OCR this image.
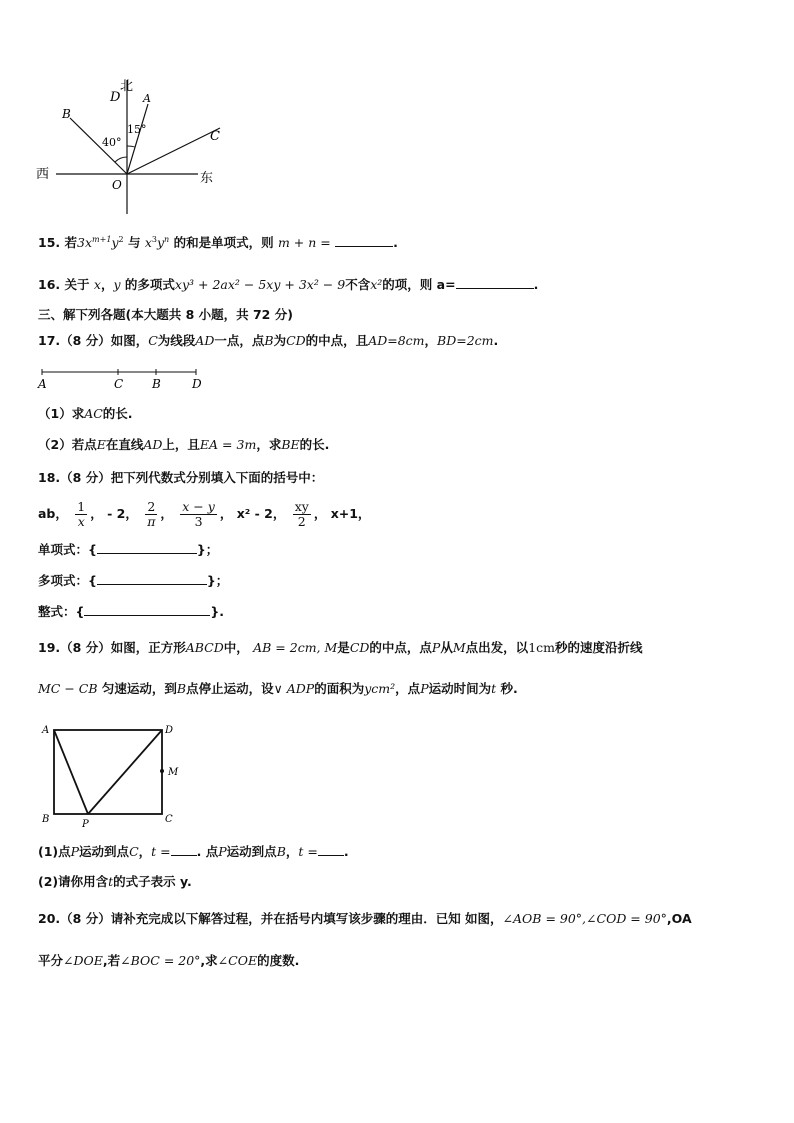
北
D A
B
C
15°
40°
西	东
O
15. 若$3x^{m+1}y^2$ 与 $x^3y^n$ 的和是单项式，则 m + n =	.
16. 关于 x，y 的多项式xy³ + 2ax² − 5xy + 3x² − 9不含x²的项，则 a=	.
三、解下列各题(本大题共 8 小题，共 72 分)
17.（8 分）如图，C为线段AD一点，点B为CD的中点，且AD=8cm，BD=2cm.
A	C B	D
（1）求AC的长.
（2）若点E在直线AD上，且EA = 3m，求BE的长.
18.（8 分）把下列代数式分别填入下面的括号中：
ab， $\frac{1}{x}$ ， - 2， $\frac{2}{\pi}$ ， $\frac{x - y}{3}$ ， x² - 2， $\frac{xy}{2}$ ， x+1，
单项式：{	}；
多项式：{	}；
整式：{	}.
19.（8 分）如图，正方形ABCD中， AB = 2cm, M是CD的中点，点P从M点出发，以1cm秒的速度沿折线
MC − CB 匀速运动，到B点停止运动，设∨ ADP的面积为ycm²，点P运动时间为t 秒.
A	D
M
B	P	C
(1)点P运动到点C，t = . 点P运动到点B，t = .
(2)请你用含t的式子表示 y.
20.（8 分）请补充完成以下解答过程，并在括号内填写该步骤的理由．已知 如图，∠AOB = 90°,∠COD = 90°,OA
平分∠DOE,若∠BOC = 20°,求∠COE的度数.
